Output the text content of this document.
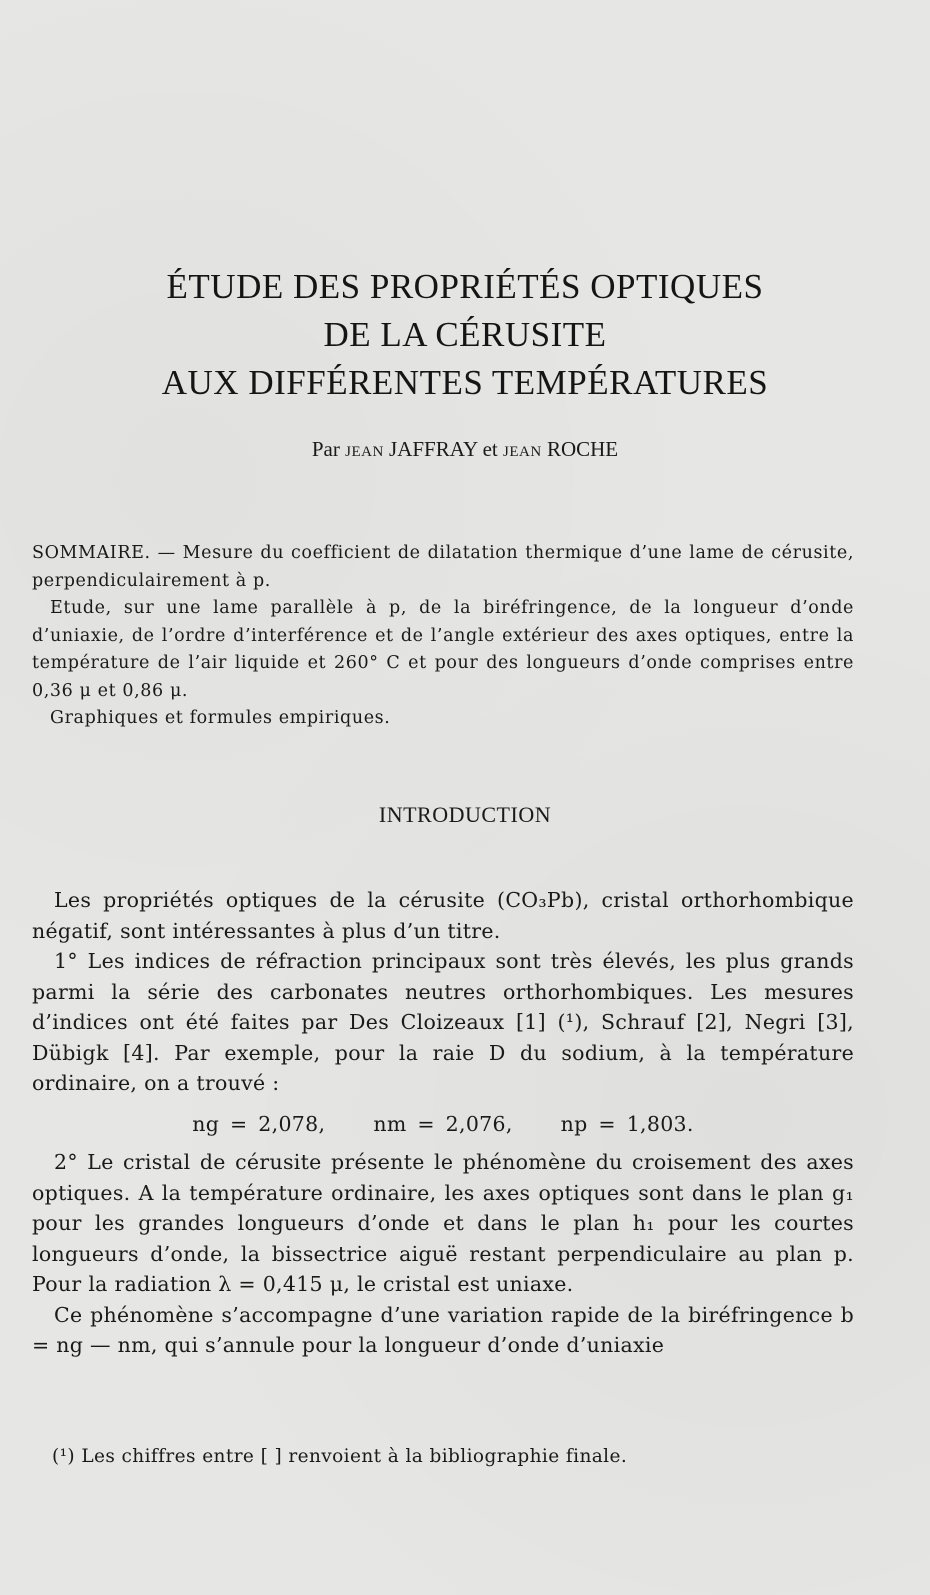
ÉTUDE DES PROPRIÉTÉS OPTIQUES
DE LA CÉRUSITE
AUX DIFFÉRENTES TEMPÉRATURES
Par JEAN JAFFRAY et JEAN ROCHE

SOMMAIRE. — Mesure du coefficient de dilatation thermique d’une lame de cérusite, perpendiculairement à p.

Etude, sur une lame parallèle à p, de la biréfringence, de la longueur d’onde d’uniaxie, de l’ordre d’interférence et de l’angle extérieur des axes optiques, entre la température de l’air liquide et 260° C et pour des longueurs d’onde comprises entre 0,36 μ et 0,86 μ.

Graphiques et formules empiriques.

INTRODUCTION

Les propriétés optiques de la cérusite (CO₃Pb), cristal orthorhombique négatif, sont intéressantes à plus d’un titre.

1° Les indices de réfraction principaux sont très élevés, les plus grands parmi la série des carbonates neutres orthorhombiques. Les mesures d’indices ont été faites par Des Cloizeaux [1] (¹), Schrauf [2], Negri [3], Dübigk [4]. Par exemple, pour la raie D du sodium, à la température ordinaire, on a trouvé :

ng = 2,078, nm = 2,076, np = 1,803.

2° Le cristal de cérusite présente le phénomène du croisement des axes optiques. A la température ordinaire, les axes optiques sont dans le plan g₁ pour les grandes longueurs d’onde et dans le plan h₁ pour les courtes longueurs d’onde, la bissectrice aiguë restant perpendiculaire au plan p. Pour la radiation λ = 0,415 μ, le cristal est uniaxe.

Ce phénomène s’accompagne d’une variation rapide de la biréfringence b = ng — nm, qui s’annule pour la longueur d’onde d’uniaxie

(¹) Les chiffres entre [ ] renvoient à la bibliographie finale.
